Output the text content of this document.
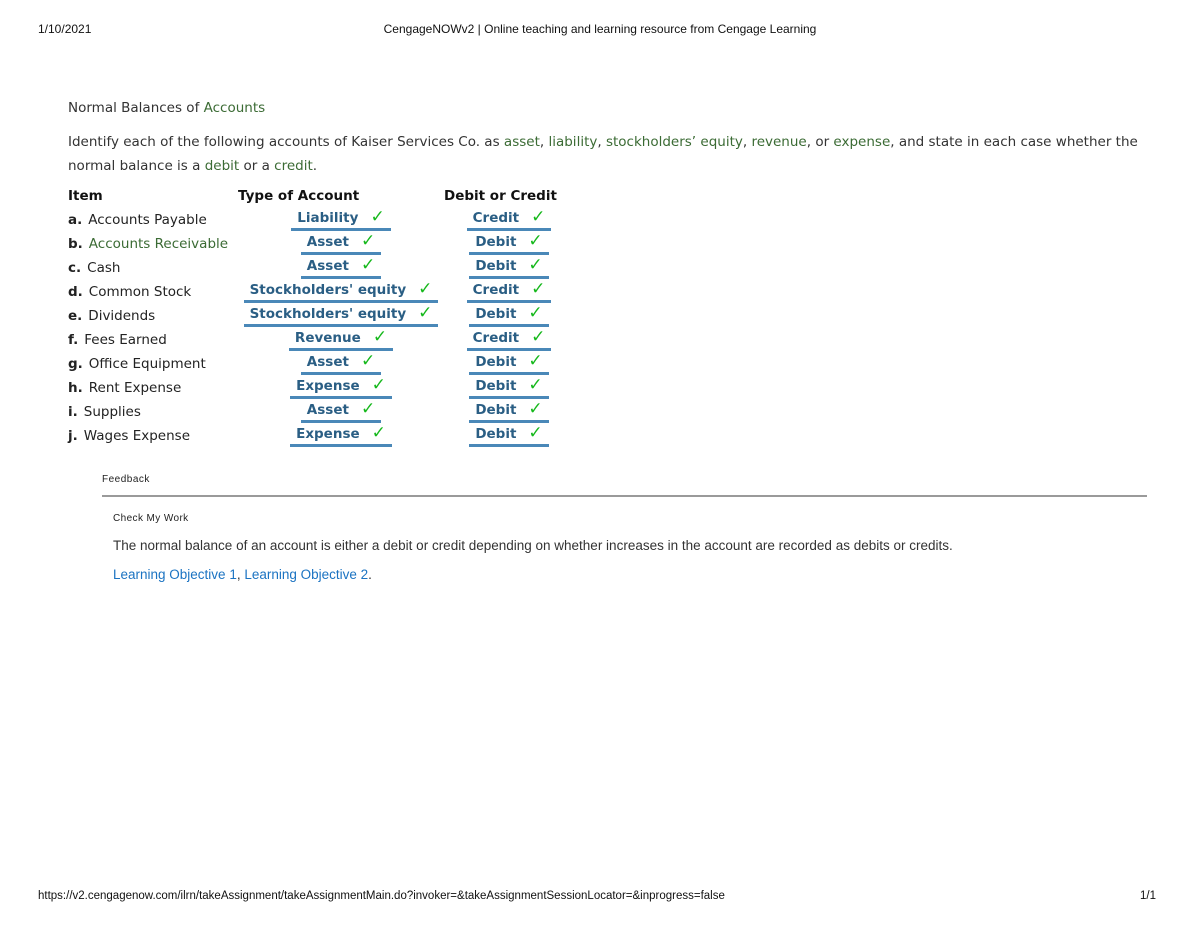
1/10/2021	CengageNOWv2 | Online teaching and learning resource from Cengage Learning

Normal Balances of Accounts

Identify each of the following accounts of Kaiser Services Co. as asset, liability, stockholders’ equity, revenue, or expense, and state in each case whether the normal balance is a debit or a credit.

Item	Type of Account	Debit or Credit
a. Accounts Payable	Liability ✓	Credit ✓
b. Accounts Receivable	Asset ✓	Debit ✓
c. Cash	Asset ✓	Debit ✓
d. Common Stock	Stockholders' equity ✓	Credit ✓
e. Dividends	Stockholders' equity ✓	Debit ✓
f. Fees Earned	Revenue ✓	Credit ✓
g. Office Equipment	Asset ✓	Debit ✓
h. Rent Expense	Expense ✓	Debit ✓
i. Supplies	Asset ✓	Debit ✓
j. Wages Expense	Expense ✓	Debit ✓
Feedback
Check My Work
The normal balance of an account is either a debit or credit depending on whether increases in the account are recorded as debits or credits.
Learning Objective 1, Learning Objective 2.
https://v2.cengagenow.com/ilrn/takeAssignment/takeAssignmentMain.do?invoker=&takeAssignmentSessionLocator=&inprogress=false	1/1
